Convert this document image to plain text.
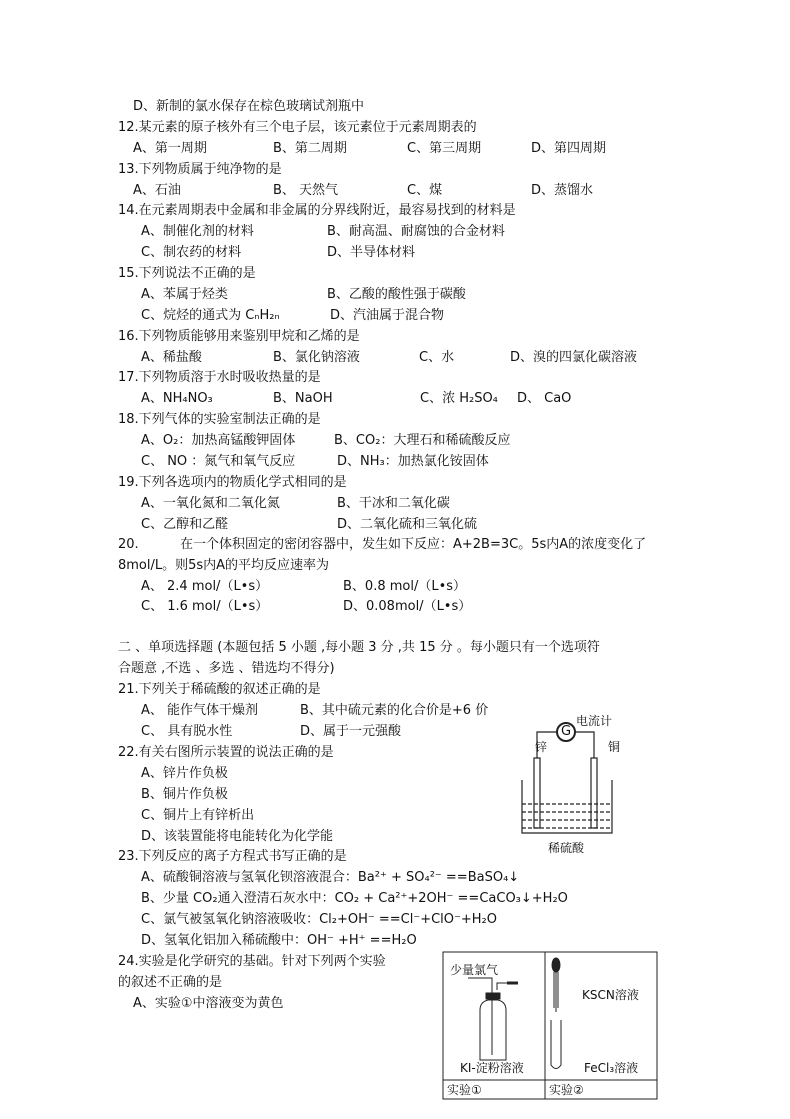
D、新制的氯水保存在棕色玻璃试剂瓶中
12.某元素的原子核外有三个电子层，该元素位于元素周期表的
A、第一周期	B、第二周期	C、第三周期	D、第四周期
13.下列物质属于纯净物的是
A、石油	B、 天然气	C、煤	D、蒸馏水
14.在元素周期表中金属和非金属的分界线附近，最容易找到的材料是
A、制催化剂的材料	B、耐高温、耐腐蚀的合金材料
C、制农药的材料	D、半导体材料
15.下列说法不正确的是
A、苯属于烃类	B、乙酸的酸性强于碳酸
C、烷烃的通式为 CₙH₂ₙ	D、汽油属于混合物
16.下列物质能够用来鉴别甲烷和乙烯的是
A、稀盐酸	B、氯化钠溶液	C、水	D、溴的四氯化碳溶液
17.下列物质溶于水时吸收热量的是
A、NH₄NO₃	B、NaOH	C、浓 H₂SO₄ D、 CaO
18.下列气体的实验室制法正确的是
A、O₂：加热高锰酸钾固体	B、CO₂：大理石和稀硫酸反应
C、 NO ：氮气和氧气反应	D、NH₃：加热氯化铵固体
19.下列各选项内的物质化学式相同的是
A、一氧化氮和二氧化氮	B、干冰和二氧化碳
C、乙醇和乙醛	D、二氧化硫和三氧化硫
20.	在一个体积固定的密闭容器中，发生如下反应：A+2B=3C。5s内A的浓度变化了
8mol/L。则5s内A的平均反应速率为
A、 2.4 mol/（L•s）	B、0.8 mol/（L•s）
C、 1.6 mol/（L•s）	D、0.08mol/（L•s）
二 、单项选择题 (本题包括 5 小题 ,每小题 3 分 ,共 15 分 。每小题只有一个选项符
合题意 ,不选 、多选 、错选均不得分)
21.下列关于稀硫酸的叙述正确的是
A、 能作气体干燥剂	B、其中硫元素的化合价是+6 价
C、 具有脱水性	D、属于一元强酸
22.有关右图所示装置的说法正确的是
A、锌片作负极
B、铜片作负极
C、铜片上有锌析出
D、该装置能将电能转化为化学能
23.下列反应的离子方程式书写正确的是
A、硫酸铜溶液与氢氧化钡溶液混合：Ba²⁺ + SO₄²⁻ ==BaSO₄↓
B、少量 CO₂通入澄清石灰水中：CO₂ + Ca²⁺+2OH⁻ ==CaCO₃↓+H₂O
C、氯气被氢氧化钠溶液吸收：Cl₂+OH⁻ ==Cl⁻+ClO⁻+H₂O
D、氢氧化铝加入稀硫酸中：OH⁻ +H⁺ ==H₂O
24.实验是化学研究的基础。针对下列两个实验
的叙述不正确的是
A、实验①中溶液变为黄色
G
电流计
锌	铜
稀硫酸
少量氯气
KI-淀粉溶液
实验①
KSCN溶液
FeCl₃溶液
实验②
